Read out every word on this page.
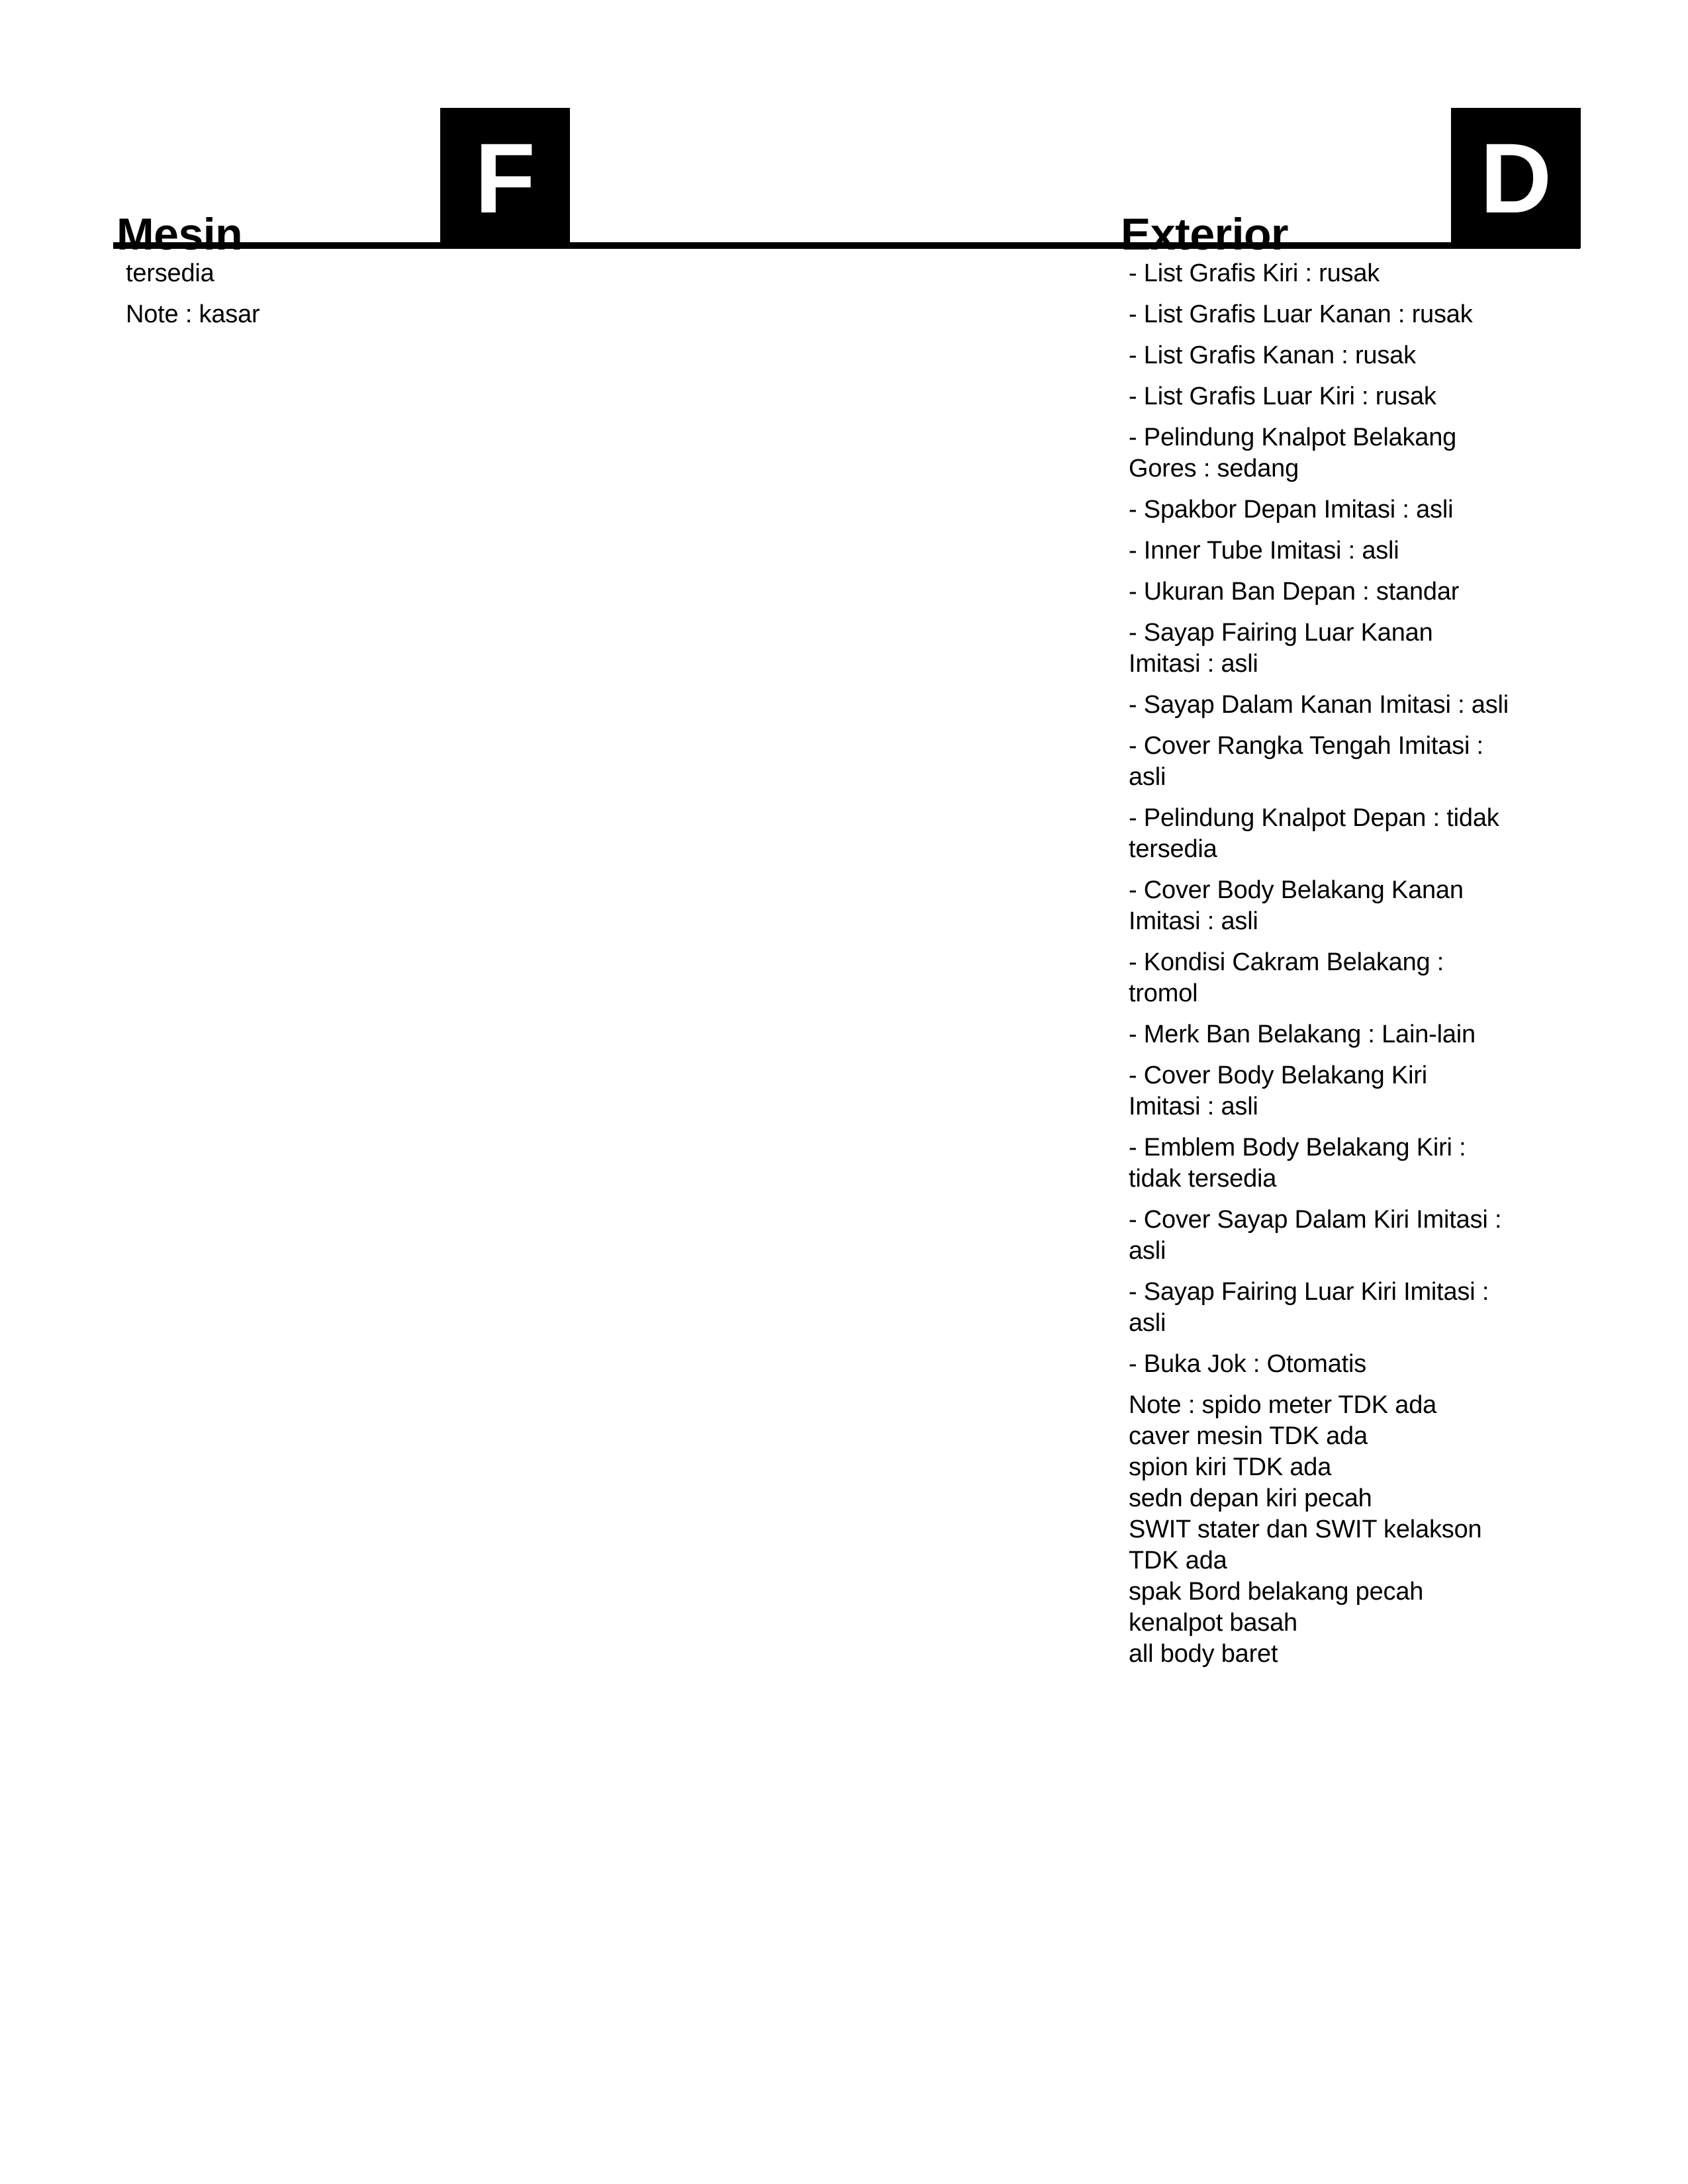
Mesin
F
Exterior
D
tersedia
Note : kasar
- List Grafis Kiri : rusak
- List Grafis Luar Kanan : rusak
- List Grafis Kanan : rusak
- List Grafis Luar Kiri : rusak
- Pelindung Knalpot Belakang
Gores : sedang
- Spakbor Depan Imitasi : asli
- Inner Tube Imitasi : asli
- Ukuran Ban Depan : standar
- Sayap Fairing Luar Kanan
Imitasi : asli
- Sayap Dalam Kanan Imitasi : asli
- Cover Rangka Tengah Imitasi :
asli
- Pelindung Knalpot Depan : tidak
tersedia
- Cover Body Belakang Kanan
Imitasi : asli
- Kondisi Cakram Belakang :
tromol
- Merk Ban Belakang : Lain-lain
- Cover Body Belakang Kiri
Imitasi : asli
- Emblem Body Belakang Kiri :
tidak tersedia
- Cover Sayap Dalam Kiri Imitasi :
asli
- Sayap Fairing Luar Kiri Imitasi :
asli
- Buka Jok : Otomatis
Note : spido meter TDK ada
caver mesin TDK ada
spion kiri TDK ada
sedn depan kiri pecah
SWIT stater dan SWIT kelakson
TDK ada
spak Bord belakang pecah
kenalpot basah
all body baret
